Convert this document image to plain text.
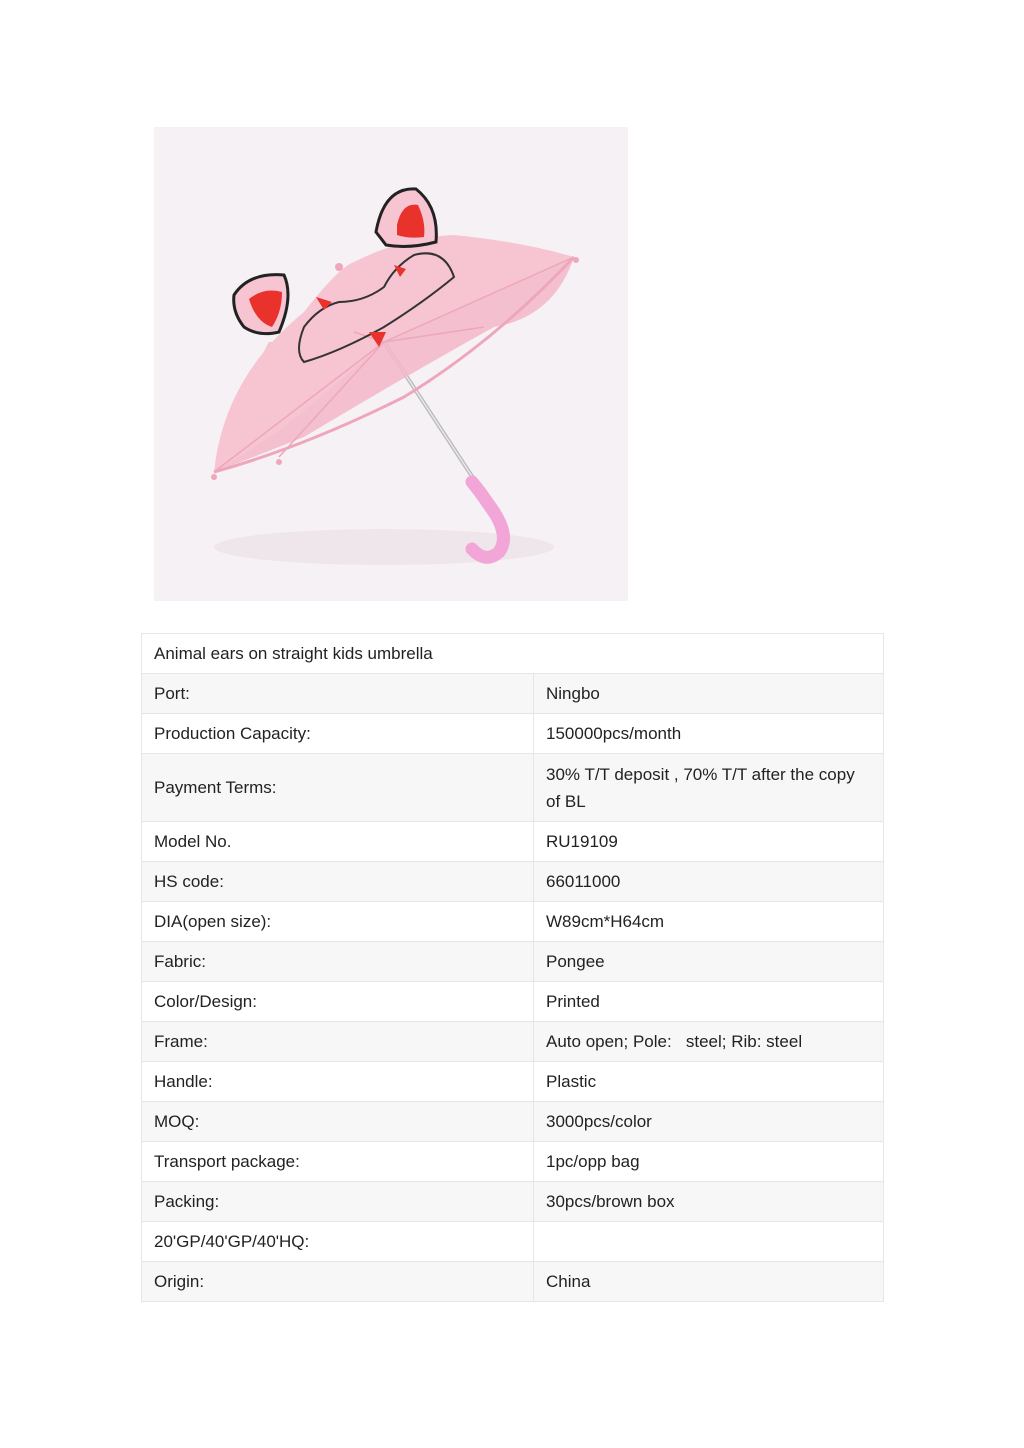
Animal ears on straight kids umbrella	
Port:	Ningbo
Production Capacity:	150000pcs/month
Payment Terms:	30% T/T deposit , 70% T/T after the copy of BL
Model No.	RU19109
HS code:	66011000
DIA(open size):	W89cm*H64cm
Fabric:	Pongee
Color/Design:	Printed
Frame:	Auto open; Pole:   steel; Rib: steel
Handle:	Plastic
MOQ:	3000pcs/color
Transport package:	1pc/opp bag
Packing:	30pcs/brown box
20'GP/40'GP/40'HQ:	
Origin:	China
